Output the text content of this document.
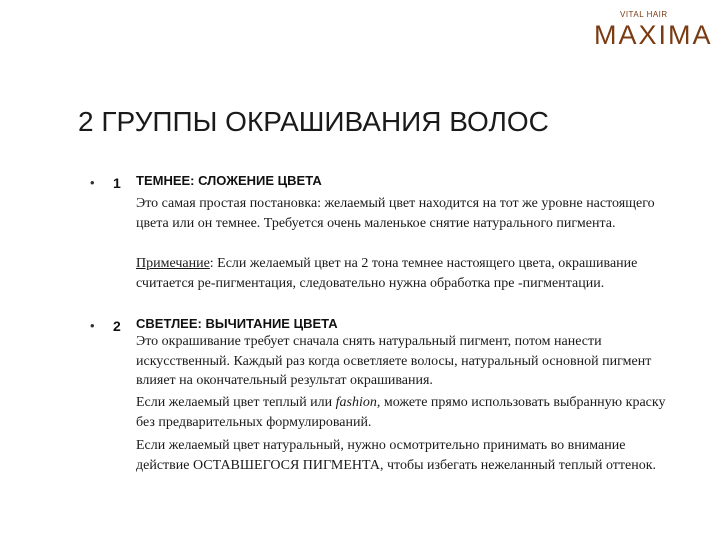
VITAL HAIR
MAXIMA
2 ГРУППЫ ОКРАШИВАНИЯ ВОЛОС
• 1 ТЕМНЕЕ: СЛОЖЕНИЕ ЦВЕТА
Это самая простая постановка: желаемый цвет находится на тот же уровне настоящего цвета или он темнее. Требуется очень маленькое снятие натурального пигмента.
Примечание: Если желаемый цвет на 2 тона темнее настоящего цвета, окрашивание считается ре-пигментация, следовательно нужна обработка пре -пигментации.
• 2 СВЕТЛЕЕ: ВЫЧИТАНИЕ ЦВЕТА
Это окрашивание требует сначала снять натуральный пигмент, потом нанести искусственный. Каждый раз когда осветляете волосы, натуральный основной пигмент влияет на окончательный результат окрашивания.
Если желаемый цвет теплый или fashion, можете прямо использовать выбранную краску без предварительных формулирований.
Если желаемый цвет натуральный, нужно осмотрительно принимать во внимание действие ОСТАВШЕГОСЯ ПИГМЕНТА, чтобы избегать нежеланный теплый оттенок.
